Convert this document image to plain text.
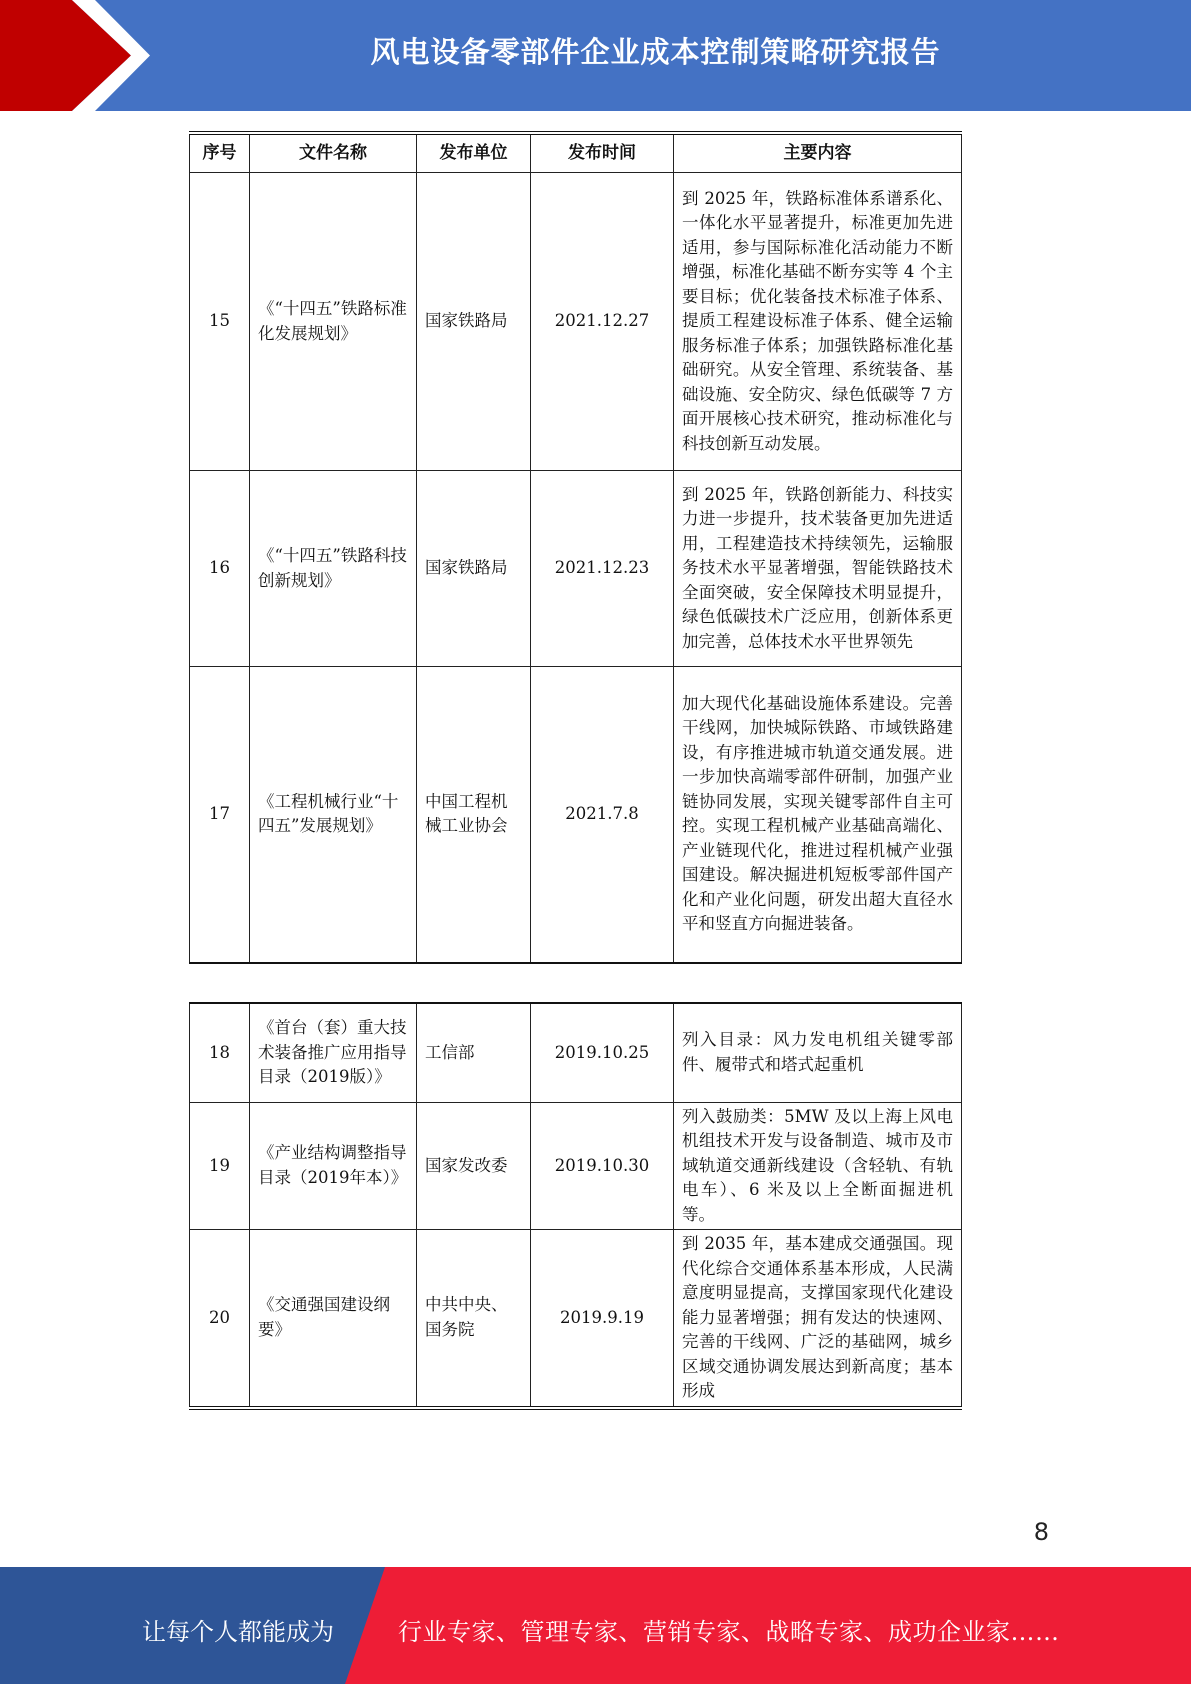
风电设备零部件企业成本控制策略研究报告
序号	文件名称	发布单位	发布时间	主要内容
15	《“十四五”铁路标准化发展规划》	国家铁路局	2021.12.27	到 2025 年，铁路标准体系谱系化、一体化水平显著提升，标准更加先进适用，参与国际标准化活动能力不断增强，标准化基础不断夯实等 4 个主要目标；优化装备技术标准子体系、提质工程建设标准子体系、健全运输服务标准子体系；加强铁路标准化基础研究。从安全管理、系统装备、基础设施、安全防灾、绿色低碳等 7 方面开展核心技术研究，推动标准化与科技创新互动发展。
16	《“十四五”铁路科技创新规划》	国家铁路局	2021.12.23	到 2025 年，铁路创新能力、科技实力进一步提升，技术装备更加先进适用，工程建造技术持续领先，运输服务技术水平显著增强，智能铁路技术全面突破，安全保障技术明显提升，绿色低碳技术广泛应用，创新体系更加完善，总体技术水平世界领先
17	《工程机械行业“十四五”发展规划》	中国工程机械工业协会	2021.7.8	加大现代化基础设施体系建设。完善干线网，加快城际铁路、市域铁路建设，有序推进城市轨道交通发展。进一步加快高端零部件研制，加强产业链协同发展，实现关键零部件自主可控。实现工程机械产业基础高端化、产业链现代化，推进过程机械产业强国建设。解决掘进机短板零部件国产化和产业化问题，研发出超大直径水平和竖直方向掘进装备。
18	《首台（套）重大技术装备推广应用指导目录（2019版）》	工信部	2019.10.25	列入目录：风力发电机组关键零部件、履带式和塔式起重机
19	《产业结构调整指导目录（2019年本）》	国家发改委	2019.10.30	列入鼓励类：5MW 及以上海上风电机组技术开发与设备制造、城市及市域轨道交通新线建设（含轻轨、有轨电车）、6 米及以上全断面掘进机等。
20	《交通强国建设纲要》	中共中央、国务院	2019.9.19	到 2035 年，基本建成交通强国。现代化综合交通体系基本形成，人民满意度明显提高，支撑国家现代化建设能力显著增强；拥有发达的快速网、完善的干线网、广泛的基础网，城乡区域交通协调发展达到新高度；基本形成
8
让每个人都能成为	行业专家、管理专家、营销专家、战略专家、成功企业家……
